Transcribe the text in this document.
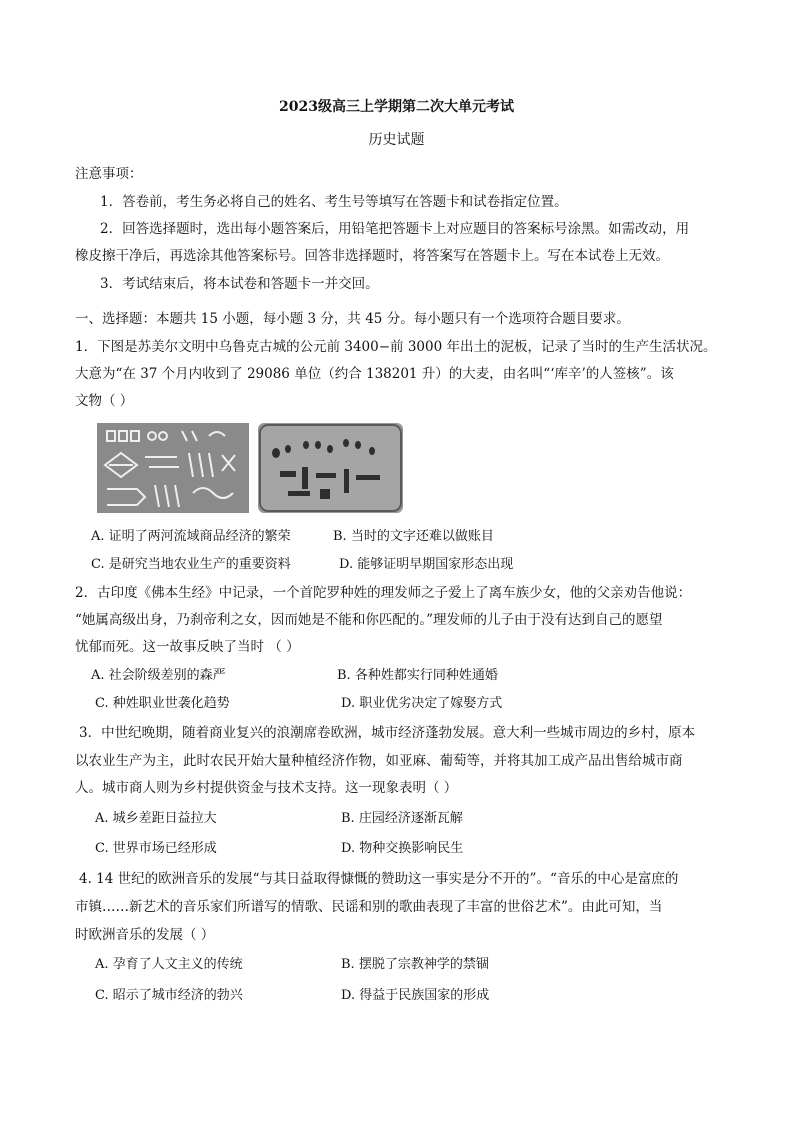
2023级高三上学期第二次大单元考试
历史试题
注意事项：
1．答卷前，考生务必将自己的姓名、考生号等填写在答题卡和试卷指定位置。
2．回答选择题时，选出每小题答案后，用铅笔把答题卡上对应题目的答案标号涂黑。如需改动，用
橡皮擦干净后，再选涂其他答案标号。回答非选择题时，将答案写在答题卡上。写在本试卷上无效。
3．考试结束后，将本试卷和答题卡一并交回。
一、选择题：本题共 15 小题，每小题 3 分，共 45 分。每小题只有一个选项符合题目要求。
1．下图是苏美尔文明中乌鲁克古城的公元前 3400−前 3000 年出土的泥板，记录了当时的生产生活状况。
大意为“在 37 个月内收到了 29086 单位（约合 138201 升）的大麦，由名叫“‘库辛’的人签核”。该
文物（ ）
A. 证明了两河流域商品经济的繁荣	B. 当时的文字还难以做账目
C. 是研究当地农业生产的重要资料	D. 能够证明早期国家形态出现
2．古印度《佛本生经》中记录，一个首陀罗种姓的理发师之子爱上了离车族少女，他的父亲劝告他说：
“她属高级出身，乃刹帝利之女，因而她是不能和你匹配的。”理发师的儿子由于没有达到自己的愿望
忧郁而死。这一故事反映了当时 （ ）
A. 社会阶级差别的森严	B. 各种姓都实行同种姓通婚
C. 种姓职业世袭化趋势	D. 职业优劣决定了嫁娶方式
3．中世纪晚期，随着商业复兴的浪潮席卷欧洲，城市经济蓬勃发展。意大利一些城市周边的乡村，原本
以农业生产为主，此时农民开始大量种植经济作物，如亚麻、葡萄等，并将其加工成产品出售给城市商
人。城市商人则为乡村提供资金与技术支持。这一现象表明（ ）
A. 城乡差距日益拉大	B. 庄园经济逐渐瓦解
C. 世界市场已经形成	D. 物种交换影响民生
4. 14 世纪的欧洲音乐的发展“与其日益取得慷慨的赞助这一事实是分不开的”。“音乐的中心是富庶的
市镇……新艺术的音乐家们所谱写的情歌、民谣和别的歌曲表现了丰富的世俗艺术”。由此可知，当
时欧洲音乐的发展（ ）
A. 孕育了人文主义的传统	B. 摆脱了宗教神学的禁锢
C. 昭示了城市经济的勃兴	D. 得益于民族国家的形成
